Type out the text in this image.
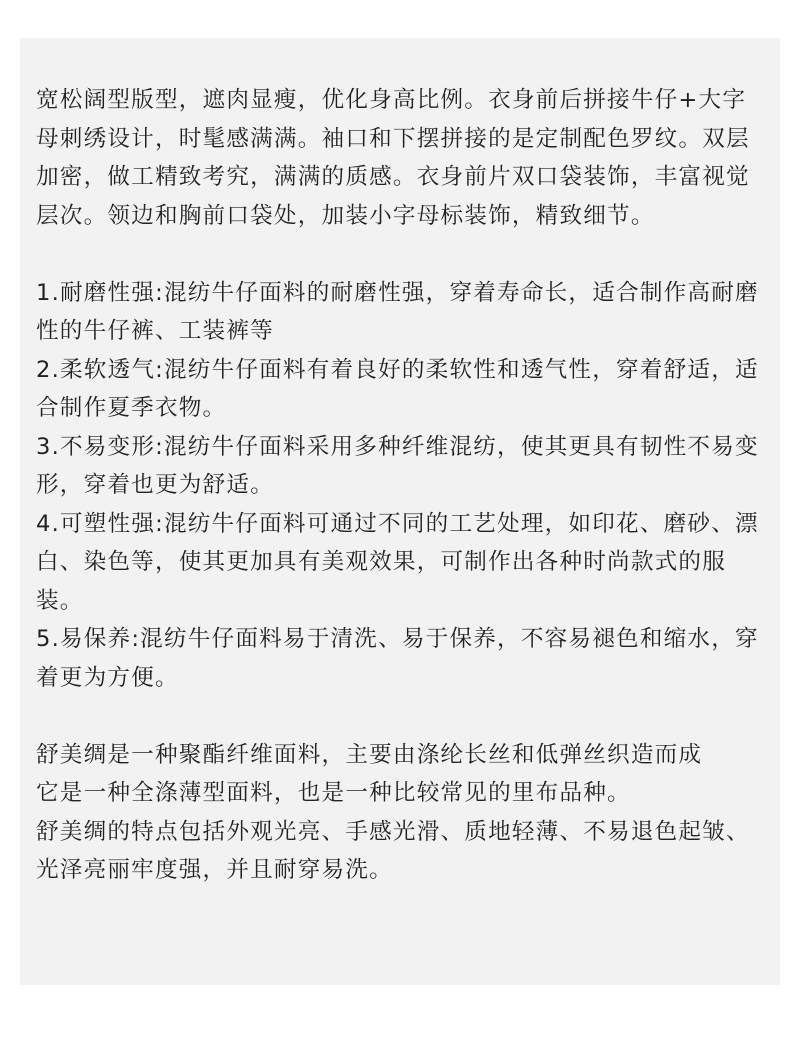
宽松阔型版型，遮肉显瘦，优化身高比例。衣身前后拼接牛仔+大字母刺绣设计，时髦感满满。袖口和下摆拼接的是定制配色罗纹。双层加密，做工精致考究，满满的质感。衣身前片双口袋装饰，丰富视觉层次。领边和胸前口袋处，加装小字母标装饰，精致细节。

1.耐磨性强:混纺牛仔面料的耐磨性强，穿着寿命长，适合制作高耐磨性的牛仔裤、工装裤等

2.柔软透气:混纺牛仔面料有着良好的柔软性和透气性，穿着舒适，适合制作夏季衣物。

3.不易变形:混纺牛仔面料采用多种纤维混纺，使其更具有韧性不易变形，穿着也更为舒适。

4.可塑性强:混纺牛仔面料可通过不同的工艺处理，如印花、磨砂、漂白、染色等，使其更加具有美观效果，可制作出各种时尚款式的服装。

5.易保养:混纺牛仔面料易于清洗、易于保养，不容易褪色和缩水，穿着更为方便。

舒美绸是一种聚酯纤维面料，主要由涤纶长丝和低弹丝织造而成

它是一种全涤薄型面料，也是一种比较常见的里布品种。

舒美绸的特点包括外观光亮、手感光滑、质地轻薄、不易退色起皱、光泽亮丽牢度强，并且耐穿易洗。
